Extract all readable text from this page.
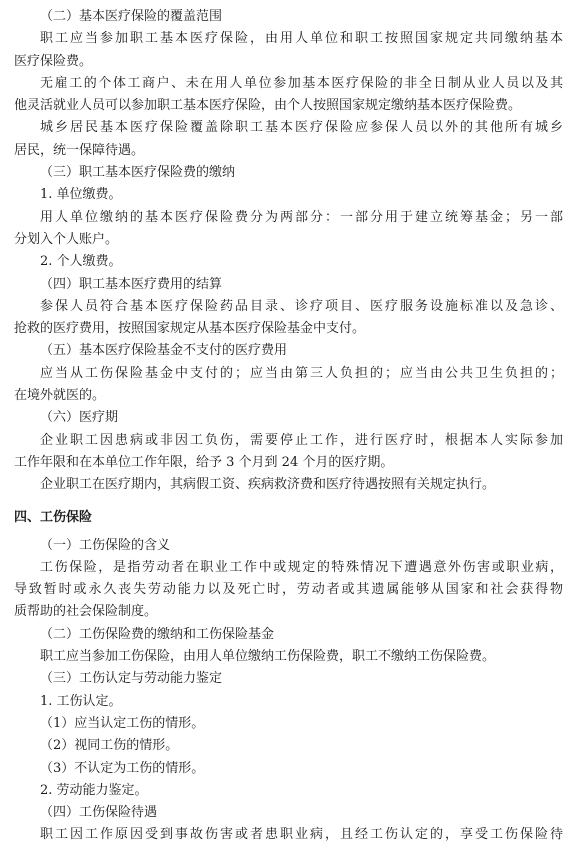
（二）基本医疗保险的覆盖范围
职工应当参加职工基本医疗保险，由用人单位和职工按照国家规定共同缴纳基本
医疗保险费。
无雇工的个体工商户、未在用人单位参加基本医疗保险的非全日制从业人员以及其
他灵活就业人员可以参加职工基本医疗保险，由个人按照国家规定缴纳基本医疗保险费。
城乡居民基本医疗保险覆盖除职工基本医疗保险应参保人员以外的其他所有城乡
居民，统一保障待遇。
（三）职工基本医疗保险费的缴纳
1. 单位缴费。
用人单位缴纳的基本医疗保险费分为两部分：一部分用于建立统筹基金；另一部
分划入个人账户。
2. 个人缴费。
（四）职工基本医疗费用的结算
参保人员符合基本医疗保险药品目录、诊疗项目、医疗服务设施标准以及急诊、
抢救的医疗费用，按照国家规定从基本医疗保险基金中支付。
（五）基本医疗保险基金不支付的医疗费用
应当从工伤保险基金中支付的；应当由第三人负担的；应当由公共卫生负担的；
在境外就医的。
（六）医疗期
企业职工因患病或非因工负伤，需要停止工作，进行医疗时，根据本人实际参加
工作年限和在本单位工作年限，给予 3 个月到 24 个月的医疗期。
企业职工在医疗期内，其病假工资、疾病救济费和医疗待遇按照有关规定执行。
四、工伤保险
（一）工伤保险的含义
工伤保险，是指劳动者在职业工作中或规定的特殊情况下遭遇意外伤害或职业病，
导致暂时或永久丧失劳动能力以及死亡时，劳动者或其遗属能够从国家和社会获得物
质帮助的社会保险制度。
（二）工伤保险费的缴纳和工伤保险基金
职工应当参加工伤保险，由用人单位缴纳工伤保险费，职工不缴纳工伤保险费。
（三）工伤认定与劳动能力鉴定
1. 工伤认定。
（1）应当认定工伤的情形。
（2）视同工伤的情形。
（3）不认定为工伤的情形。
2. 劳动能力鉴定。
（四）工伤保险待遇
职工因工作原因受到事故伤害或者患职业病，且经工伤认定的，享受工伤保险待
